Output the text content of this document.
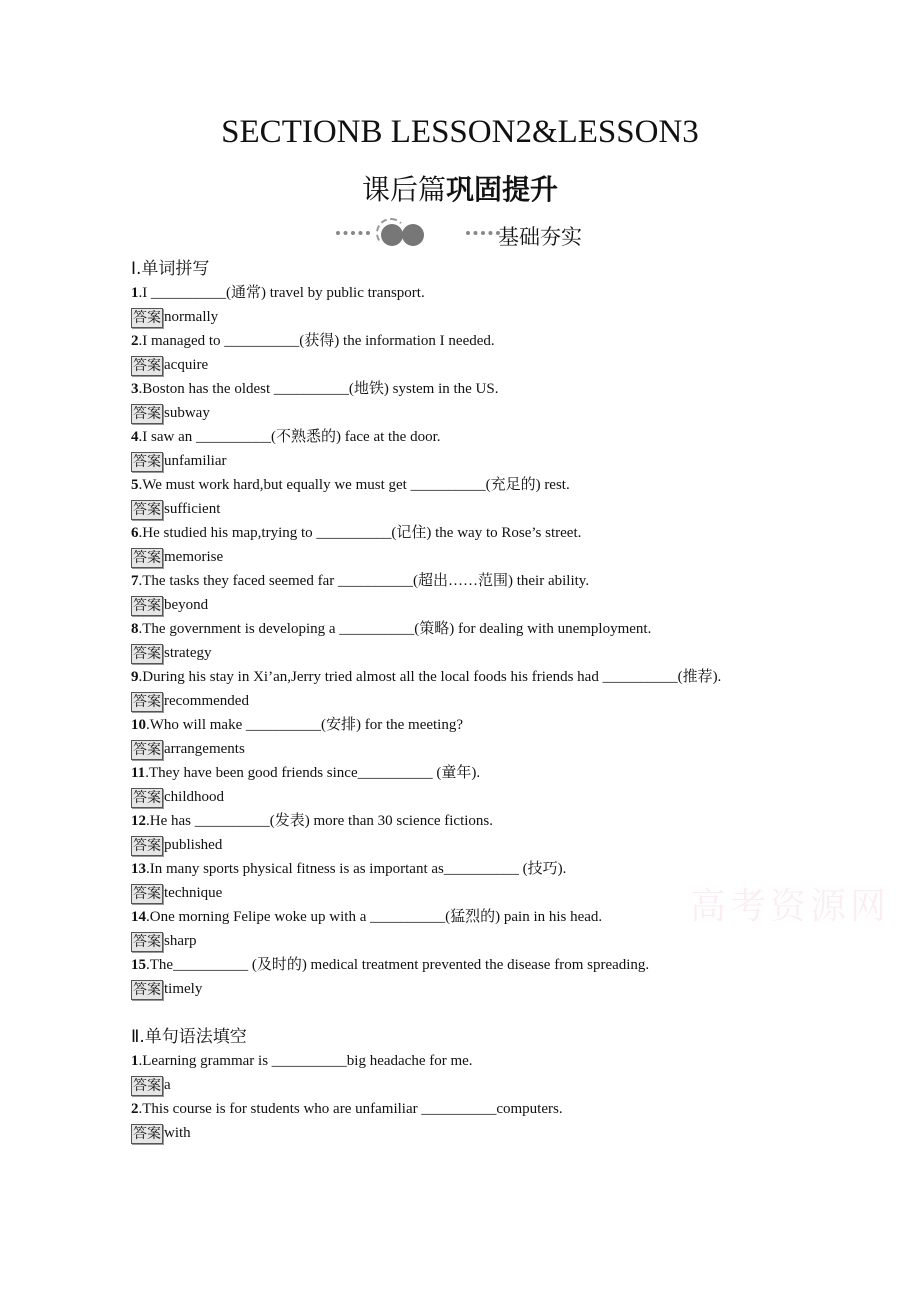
SECTIONB LESSON2&LESSON3
课后篇巩固提升
基础夯实
高考资源网
Ⅰ.单词拼写
1.I __________(通常) travel by public transport.
答案 normally
2.I managed to __________(获得) the information I needed.
答案 acquire
3.Boston has the oldest __________(地铁) system in the US.
答案 subway
4.I saw an __________(不熟悉的) face at the door.
答案 unfamiliar
5.We must work hard,but equally we must get __________(充足的) rest.
答案 sufficient
6.He studied his map,trying to __________(记住) the way to Rose’s street.
答案 memorise
7.The tasks they faced seemed far __________(超出……范围) their ability.
答案 beyond
8.The government is developing a __________(策略) for dealing with unemployment.
答案 strategy
9.During his stay in Xi’an,Jerry tried almost all the local foods his friends had __________(推荐).
答案 recommended
10.Who will make __________(安排) for the meeting?
答案 arrangements
11.They have been good friends since__________ (童年).
答案 childhood
12.He has __________(发表) more than 30 science fictions.
答案 published
13.In many sports physical fitness is as important as__________ (技巧).
答案 technique
14.One morning Felipe woke up with a __________(猛烈的) pain in his head.
答案 sharp
15.The__________ (及时的) medical treatment prevented the disease from spreading.
答案 timely
Ⅱ.单句语法填空
1.Learning grammar is __________big headache for me.
答案 a
2.This course is for students who are unfamiliar __________computers.
答案 with
